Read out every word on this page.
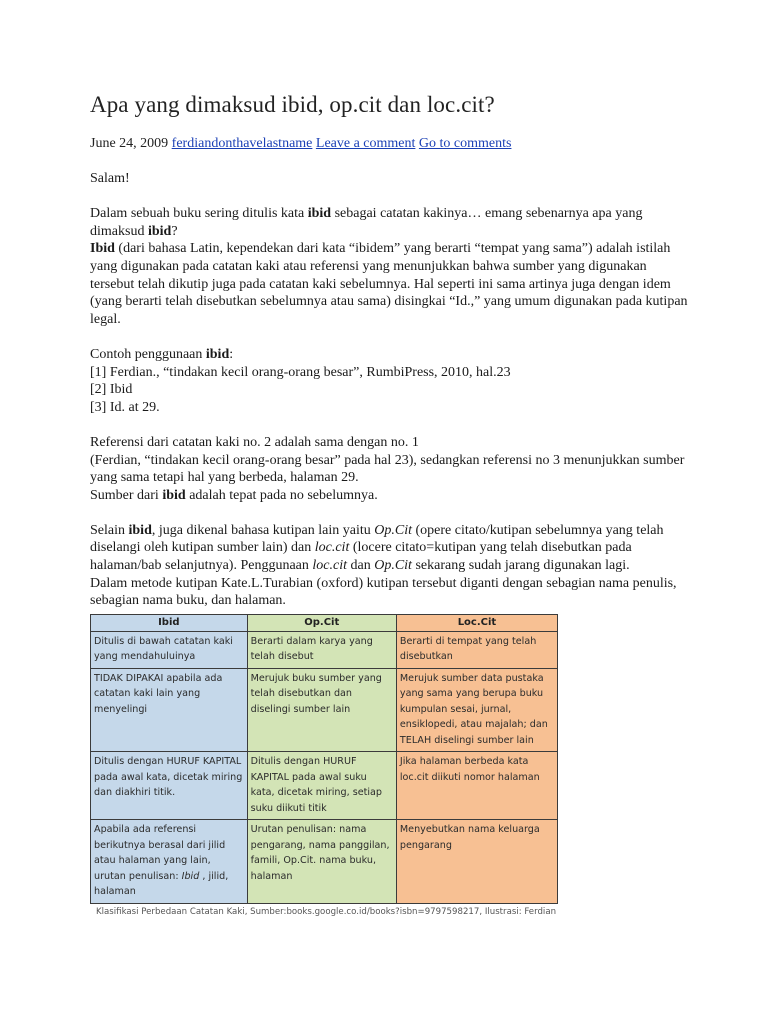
Apa yang dimaksud ibid, op.cit dan loc.cit?
June 24, 2009 ferdiandonthavelastname Leave a comment Go to comments

Salam!

Dalam sebuah buku sering ditulis kata ibid sebagai catatan kakinya… emang sebenarnya apa yang dimaksud ibid?

Ibid (dari bahasa Latin, kependekan dari kata “ibidem” yang berarti “tempat yang sama”) adalah istilah yang digunakan pada catatan kaki atau referensi yang menunjukkan bahwa sumber yang digunakan tersebut telah dikutip juga pada catatan kaki sebelumnya. Hal seperti ini sama artinya juga dengan idem (yang berarti telah disebutkan sebelumnya atau sama) disingkai “Id.,” yang umum digunakan pada kutipan legal.

Contoh penggunaan ibid:

[1] Ferdian., “tindakan kecil orang-orang besar”, RumbiPress, 2010, hal.23

[2] Ibid

[3] Id. at 29.

Referensi dari catatan kaki no. 2 adalah sama dengan no. 1

(Ferdian, “tindakan kecil orang-orang besar” pada hal 23), sedangkan referensi no 3 menunjukkan sumber yang sama tetapi hal yang berbeda, halaman 29.

Sumber dari ibid adalah tepat pada no sebelumnya.

Selain ibid, juga dikenal bahasa kutipan lain yaitu Op.Cit (opere citato/kutipan sebelumnya yang telah diselangi oleh kutipan sumber lain) dan loc.cit (locere citato=kutipan yang telah disebutkan pada halaman/bab selanjutnya). Penggunaan loc.cit dan Op.Cit sekarang sudah jarang digunakan lagi.

Dalam metode kutipan Kate.L.Turabian (oxford) kutipan tersebut diganti dengan sebagian nama penulis, sebagian nama buku, dan halaman.

Ibid	Op.Cit	Loc.Cit
Ditulis di bawah catatan kaki yang mendahuluinya	Berarti dalam karya yang telah disebut	Berarti di tempat yang telah disebutkan
TIDAK DIPAKAI apabila ada catatan kaki lain yang menyelingi	Merujuk buku sumber yang telah disebutkan dan diselingi sumber lain	Merujuk sumber data pustaka yang sama yang berupa buku kumpulan sesai, jurnal, ensiklopedi, atau majalah; dan TELAH diselingi sumber lain
Ditulis dengan HURUF KAPITAL pada awal kata, dicetak miring dan diakhiri titik.	Ditulis dengan HURUF KAPITAL pada awal suku kata, dicetak miring, setiap suku diikuti titik	Jika halaman berbeda kata loc.cit diikuti nomor halaman
Apabila ada referensi berikutnya berasal dari jilid atau halaman yang lain, urutan penulisan: Ibid , jilid, halaman	Urutan penulisan: nama pengarang, nama panggilan, famili, Op.Cit. nama buku, halaman	Menyebutkan nama keluarga pengarang
Klasifikasi Perbedaan Catatan Kaki, Sumber:books.google.co.id/books?isbn=9797598217, Ilustrasi: Ferdian
